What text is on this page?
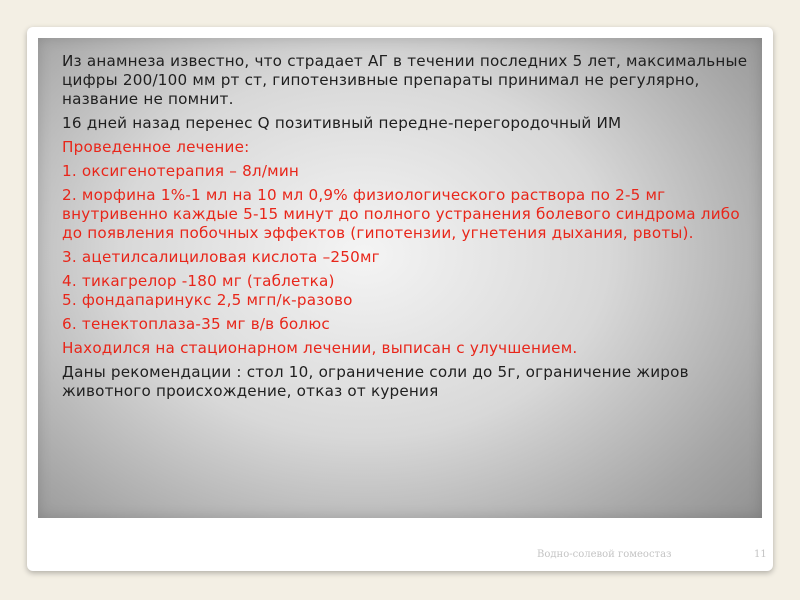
Из анамнеза известно, что страдает АГ в течении последних 5 лет, максимальные цифры 200/100 мм рт ст, гипотензивные препараты принимал не регулярно, название не помнит.

16 дней назад перенес Q позитивный передне-перегородочный ИМ

Проведенное лечение:

1. оксигенотерапия – 8л/мин

2. морфина 1%-1 мл на 10 мл 0,9% физиологического раствора по 2-5 мг внутривенно каждые 5-15 минут до полного устранения болевого синдрома либо до появления побочных эффектов (гипотензии, угнетения дыхания, рвоты).

3. ацетилсалициловая кислота –250мг

4. тикагрелор -180 мг (таблетка)

5. фондапаринукс 2,5 мгп/к-разово

6. тенектоплаза-35 мг в/в болюс

Находился на стационарном лечении, выписан с улучшением.

Даны рекомендации : стол 10, ограничение соли до 5г, ограничение жиров животного происхождение, отказ от курения

Водно-солевой гомеостаз	11
